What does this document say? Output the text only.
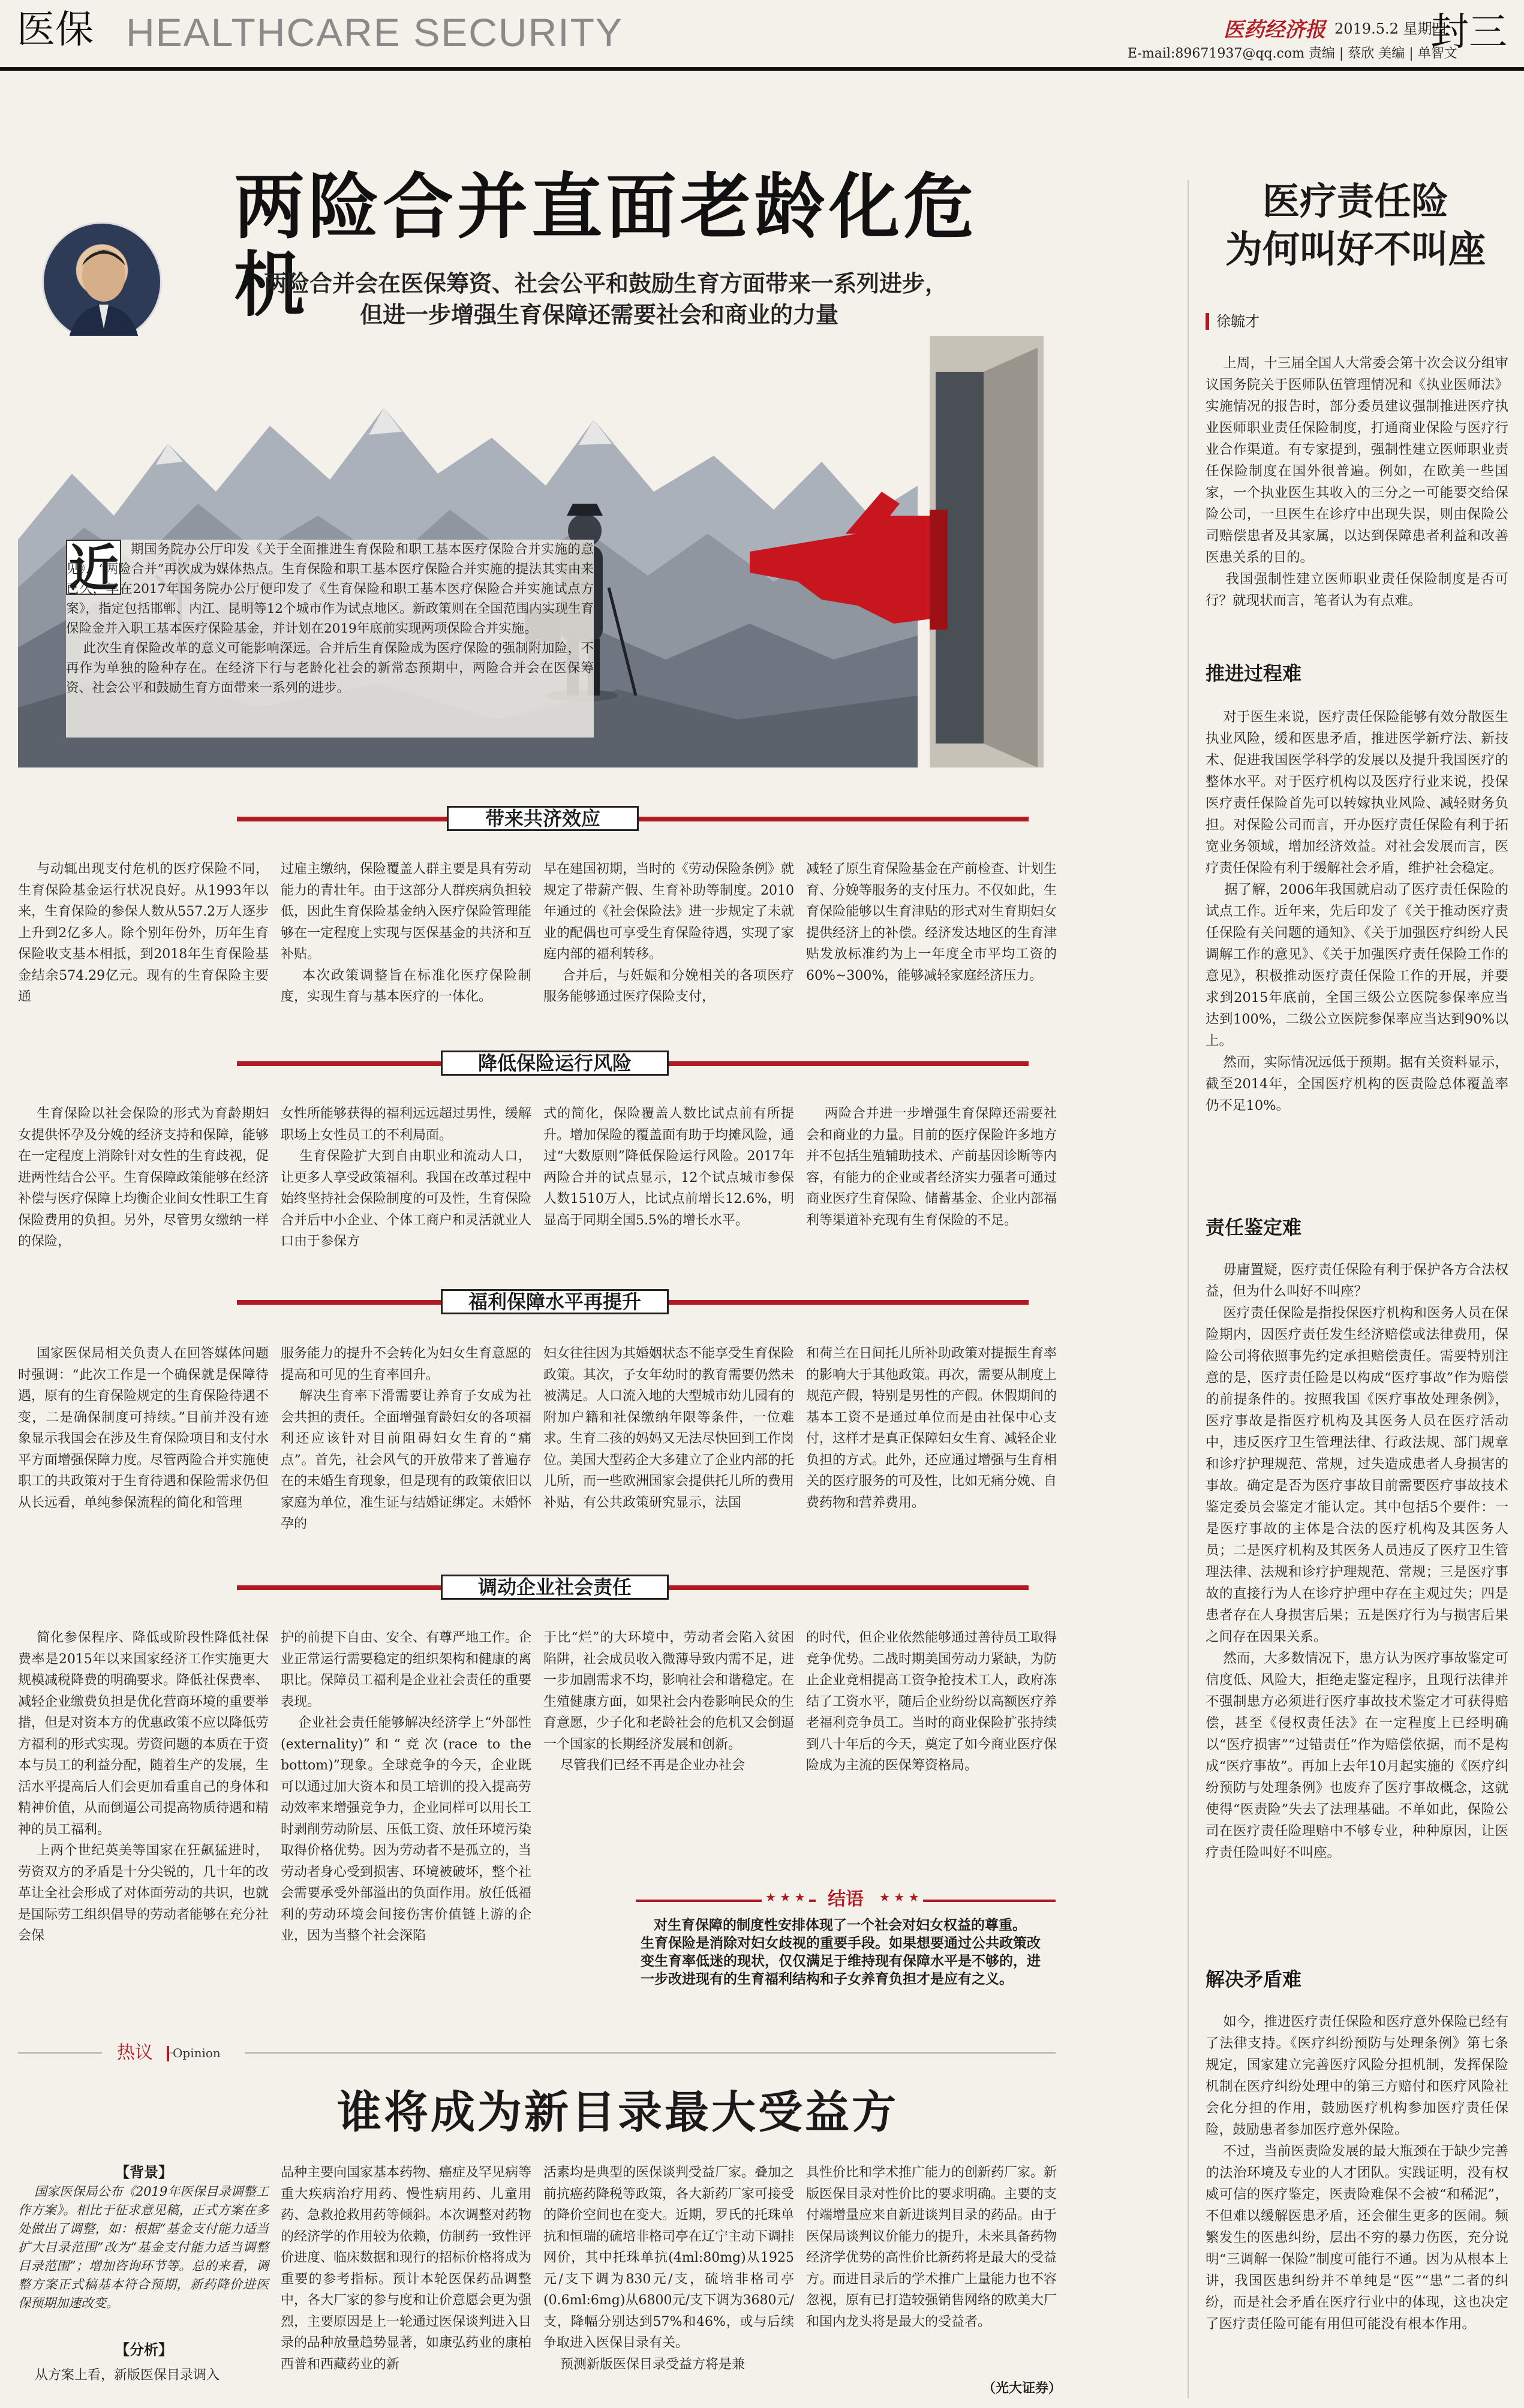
医保 HEALTHCARE SECURITY	医药经济报 2019.5.2 星期四
E-mail:89671937@qq.com 责编 | 蔡欣 美编 | 单智文
封三
两险合并直面老龄化危机
两险合并会在医保筹资、社会公平和鼓励生育方面带来一系列进步，
但进一步增强生育保障还需要社会和商业的力量
近 期国务院办公厅印发《关于全面推进生育保险和职工基本医疗保险合并实施的意见》，“两险合并”再次成为媒体热点。生育保险和职工基本医疗保险合并实施的提法其实由来已久，早在2017年国务院办公厅便印发了《生育保险和职工基本医疗保险合并实施试点方案》，指定包括邯郸、内江、昆明等12个城市作为试点地区。新政策则在全国范围内实现生育保险金并入职工基本医疗保险基金，并计划在2019年底前实现两项保险合并实施。
此次生育保险改革的意义可能影响深远。合并后生育保险成为医疗保险的强制附加险，不再作为单独的险种存在。在经济下行与老龄化社会的新常态预期中，两险合并会在医保筹资、社会公平和鼓励生育方面带来一系列的进步。

带来共济效应

与动辄出现支付危机的医疗保险不同，生育保险基金运行状况良好。从1993年以来，生育保险的参保人数从557.2万人逐步上升到2亿多人。除个别年份外，历年生育保险收支基本相抵，到2018年生育保险基金结余574.29亿元。现有的生育保险主要通

过雇主缴纳，保险覆盖人群主要是具有劳动能力的青壮年。由于这部分人群疾病负担较低，因此生育保险基金纳入医疗保险管理能够在一定程度上实现与医保基金的共济和互补贴。
本次政策调整旨在标准化医疗保险制度，实现生育与基本医疗的一体化。

早在建国初期，当时的《劳动保险条例》就规定了带薪产假、生育补助等制度。2010年通过的《社会保险法》进一步规定了未就业的配偶也可享受生育保险待遇，实现了家庭内部的福利转移。
合并后，与妊娠和分娩相关的各项医疗服务能够通过医疗保险支付，

减轻了原生育保险基金在产前检查、计划生育、分娩等服务的支付压力。不仅如此，生育保险能够以生育津贴的形式对生育期妇女提供经济上的补偿。经济发达地区的生育津贴发放标准约为上一年度全市平均工资的60%~300%，能够减轻家庭经济压力。

降低保险运行风险

生育保险以社会保险的形式为育龄期妇女提供怀孕及分娩的经济支持和保障，能够在一定程度上消除针对女性的生育歧视，促进两性结合公平。生育保障政策能够在经济补偿与医疗保障上均衡企业间女性职工生育保险费用的负担。另外，尽管男女缴纳一样的保险，

女性所能够获得的福利远远超过男性，缓解职场上女性员工的不利局面。
生育保险扩大到自由职业和流动人口，让更多人享受政策福利。我国在改革过程中始终坚持社会保险制度的可及性，生育保险合并后中小企业、个体工商户和灵活就业人口由于参保方

式的简化，保险覆盖人数比试点前有所提升。增加保险的覆盖面有助于均摊风险，通过“大数原则”降低保险运行风险。2017年两险合并的试点显示，12个试点城市参保人数1510万人，比试点前增长12.6%，明显高于同期全国5.5%的增长水平。

两险合并进一步增强生育保障还需要社会和商业的力量。目前的医疗保险许多地方并不包括生殖辅助技术、产前基因诊断等内容，有能力的企业或者经济实力强者可通过商业医疗生育保险、储蓄基金、企业内部福利等渠道补充现有生育保险的不足。

福利保障水平再提升

国家医保局相关负责人在回答媒体问题时强调：“此次工作是一个确保就是保障待遇，原有的生育保险规定的生育保险待遇不变，二是确保制度可持续。”目前并没有迹象显示我国会在涉及生育保险项目和支付水平方面增强保障力度。尽管两险合并实施使职工的共政策对于生育待遇和保险需求仍但从长远看，单纯参保流程的简化和管理

服务能力的提升不会转化为妇女生育意愿的提高和可见的生育率回升。
解决生育率下滑需要让养育子女成为社会共担的责任。全面增强育龄妇女的各项福利还应该针对目前阻碍妇女生育的“痛点”。首先，社会风气的开放带来了普遍存在的未婚生育现象，但是现有的政策依旧以家庭为单位，准生证与结婚证绑定。未婚怀孕的

妇女往往因为其婚姻状态不能享受生育保险政策。其次，子女年幼时的教育需要仍然未被满足。人口流入地的大型城市幼儿园有的附加户籍和社保缴纳年限等条件，一位难求。生育二孩的妈妈又无法尽快回到工作岗位。美国大型药企大多建立了企业内部的托儿所，而一些欧洲国家会提供托儿所的费用补贴，有公共政策研究显示，法国

和荷兰在日间托儿所补助政策对提振生育率的影响大于其他政策。再次，需要从制度上规范产假，特别是男性的产假。休假期间的基本工资不是通过单位而是由社保中心支付，这样才是真正保障妇女生育、减轻企业负担的方式。此外，还应通过增强与生育相关的医疗服务的可及性，比如无痛分娩、自费药物和营养费用。

调动企业社会责任

简化参保程序、降低或阶段性降低社保费率是2015年以来国家经济工作实施更大规模减税降费的明确要求。降低社保费率、减轻企业缴费负担是优化营商环境的重要举措，但是对资本方的优惠政策不应以降低劳方福利的形式实现。劳资问题的本质在于资本与员工的利益分配，随着生产的发展，生活水平提高后人们会更加看重自己的身体和精神价值，从而倒逼公司提高物质待遇和精神的员工福利。
上两个世纪英美等国家在狂飙猛进时，劳资双方的矛盾是十分尖锐的，几十年的改革让全社会形成了对体面劳动的共识，也就是国际劳工组织倡导的劳动者能够在充分社会保

护的前提下自由、安全、有尊严地工作。企业正常运行需要稳定的组织架构和健康的离职比。保障员工福利是企业社会责任的重要表现。
企业社会责任能够解决经济学上“外部性(externality)”和“竞次(race to the bottom)”现象。全球竞争的今天，企业既可以通过加大资本和员工培训的投入提高劳动效率来增强竞争力，企业同样可以用长工时剥削劳动阶层、压低工资、放任环境污染取得价格优势。因为劳动者不是孤立的，当劳动者身心受到损害、环境被破坏，整个社会需要承受外部溢出的负面作用。放任低福利的劳动环境会间接伤害价值链上游的企业，因为当整个社会深陷

于比“烂”的大环境中，劳动者会陷入贫困陷阱，社会成员收入微薄导致内需不足，进一步加剧需求不均，影响社会和谐稳定。在生殖健康方面，如果社会内卷影响民众的生育意愿，少子化和老龄社会的危机又会倒逼一个国家的长期经济发展和创新。
尽管我们已经不再是企业办社会

的时代，但企业依然能够通过善待员工取得竞争优势。二战时期美国劳动力紧缺，为防止企业竞相提高工资争抢技术工人，政府冻结了工资水平，随后企业纷纷以高额医疗养老福利竞争员工。当时的商业保险扩张持续到八十年后的今天，奠定了如今商业医疗保险成为主流的医保筹资格局。

★ ★ ★	结语	★ ★ ★
对生育保障的制度性安排体现了一个社会对妇女权益的尊重。
生育保险是消除对妇女歧视的重要手段。如果想要通过公共政策改
变生育率低迷的现状，仅仅满足于维持现有保障水平是不够的，进
一步改进现有的生育福利结构和子女养育负担才是应有之义。
热议	Opinion
谁将成为新目录最大受益方
【背景】

国家医保局公布《2019年医保目录调整工作方案》。相比于征求意见稿，正式方案在多处做出了调整，如：根据“基金支付能力适当扩大目录范围”改为“基金支付能力适当调整目录范围”；增加咨询环节等。总的来看，调整方案正式稿基本符合预期，新药降价进医保预期加速改变。

【分析】

从方案上看，新版医保目录调入

品种主要向国家基本药物、癌症及罕见病等重大疾病治疗用药、慢性病用药、儿童用药、急救抢救用药等倾斜。本次调整对药物的经济学的作用较为依赖，仿制药一致性评价进度、临床数据和现行的招标价格将成为重要的参考指标。预计本轮医保药品调整中，各大厂家的参与度和让价意愿会更为强烈，主要原因是上一轮通过医保谈判进入目录的品种放量趋势显著，如康弘药业的康柏西普和西藏药业的新

活素均是典型的医保谈判受益厂家。叠加之前抗癌药降税等政策，各大新药厂家可接受的降价空间也在变大。近期，罗氏的托珠单抗和恒瑞的硫培非格司亭在辽宁主动下调挂网价，其中托珠单抗(4ml:80mg)从1925元/支下调为830元/支，硫培非格司亭(0.6ml:6mg)从6800元/支下调为3680元/支，降幅分别达到57%和46%，或与后续争取进入医保目录有关。
预测新版医保目录受益方将是兼

具性价比和学术推广能力的创新药厂家。新版医保目录对性价比的要求明确。主要的支付端增量应来自新进谈判目录的药品。由于医保局谈判议价能力的提升，未来具备药物经济学优势的高性价比新药将是最大的受益方。而进目录后的学术推广上量能力也不容忽视，原有已打造较强销售网络的欧美大厂和国内龙头将是最大的受益者。

（光大证券）
医疗责任险
为何叫好不叫座
徐毓才

上周，十三届全国人大常委会第十次会议分组审议国务院关于医师队伍管理情况和《执业医师法》实施情况的报告时，部分委员建议强制推进医疗执业医师职业责任保险制度，打通商业保险与医疗行业合作渠道。有专家提到，强制性建立医师职业责任保险制度在国外很普遍。例如，在欧美一些国家，一个执业医生其收入的三分之一可能要交给保险公司，一旦医生在诊疗中出现失误，则由保险公司赔偿患者及其家属，以达到保障患者利益和改善医患关系的目的。
我国强制性建立医师职业责任保险制度是否可行？就现状而言，笔者认为有点难。

推进过程难

对于医生来说，医疗责任保险能够有效分散医生执业风险，缓和医患矛盾，推进医学新疗法、新技术、促进我国医学科学的发展以及提升我国医疗的整体水平。对于医疗机构以及医疗行业来说，投保医疗责任保险首先可以转嫁执业风险、减轻财务负担。对保险公司而言，开办医疗责任保险有利于拓宽业务领域，增加经济效益。对社会发展而言，医疗责任保险有利于缓解社会矛盾，维护社会稳定。
据了解，2006年我国就启动了医疗责任保险的试点工作。近年来，先后印发了《关于推动医疗责任保险有关问题的通知》、《关于加强医疗纠纷人民调解工作的意见》、《关于加强医疗责任保险工作的意见》，积极推动医疗责任保险工作的开展，并要求到2015年底前，全国三级公立医院参保率应当达到100%，二级公立医院参保率应当达到90%以上。
然而，实际情况远低于预期。据有关资料显示，截至2014年，全国医疗机构的医责险总体覆盖率仍不足10%。

责任鉴定难

毋庸置疑，医疗责任保险有利于保护各方合法权益，但为什么叫好不叫座？
医疗责任保险是指投保医疗机构和医务人员在保险期内，因医疗责任发生经济赔偿或法律费用，保险公司将依照事先约定承担赔偿责任。需要特别注意的是，医疗责任险是以构成“医疗事故”作为赔偿的前提条件的。按照我国《医疗事故处理条例》，医疗事故是指医疗机构及其医务人员在医疗活动中，违反医疗卫生管理法律、行政法规、部门规章和诊疗护理规范、常规，过失造成患者人身损害的事故。确定是否为医疗事故目前需要医疗事故技术鉴定委员会鉴定才能认定。其中包括5个要件：一是医疗事故的主体是合法的医疗机构及其医务人员；二是医疗机构及其医务人员违反了医疗卫生管理法律、法规和诊疗护理规范、常规；三是医疗事故的直接行为人在诊疗护理中存在主观过失；四是患者存在人身损害后果；五是医疗行为与损害后果之间存在因果关系。
然而，大多数情况下，患方认为医疗事故鉴定可信度低、风险大，拒绝走鉴定程序，且现行法律并不强制患方必须进行医疗事故技术鉴定才可获得赔偿，甚至《侵权责任法》在一定程度上已经明确以“医疗损害”“过错责任”作为赔偿依据，而不是构成“医疗事故”。再加上去年10月起实施的《医疗纠纷预防与处理条例》也废弃了医疗事故概念，这就使得“医责险”失去了法理基础。不单如此，保险公司在医疗责任险理赔中不够专业，种种原因，让医疗责任险叫好不叫座。

解决矛盾难

如今，推进医疗责任保险和医疗意外保险已经有了法律支持。《医疗纠纷预防与处理条例》第七条规定，国家建立完善医疗风险分担机制，发挥保险机制在医疗纠纷处理中的第三方赔付和医疗风险社会化分担的作用，鼓励医疗机构参加医疗责任保险，鼓励患者参加医疗意外保险。
不过，当前医责险发展的最大瓶颈在于缺少完善的法治环境及专业的人才团队。实践证明，没有权威可信的医疗鉴定，医责险难保不会被“和稀泥”，不但难以缓解医患矛盾，还会催生更多的医闹。频繁发生的医患纠纷，层出不穷的暴力伤医，充分说明“三调解一保险”制度可能行不通。因为从根本上讲，我国医患纠纷并不单纯是“医”“患”二者的纠纷，而是社会矛盾在医疗行业中的体现，这也决定了医疗责任险可能有用但可能没有根本作用。
